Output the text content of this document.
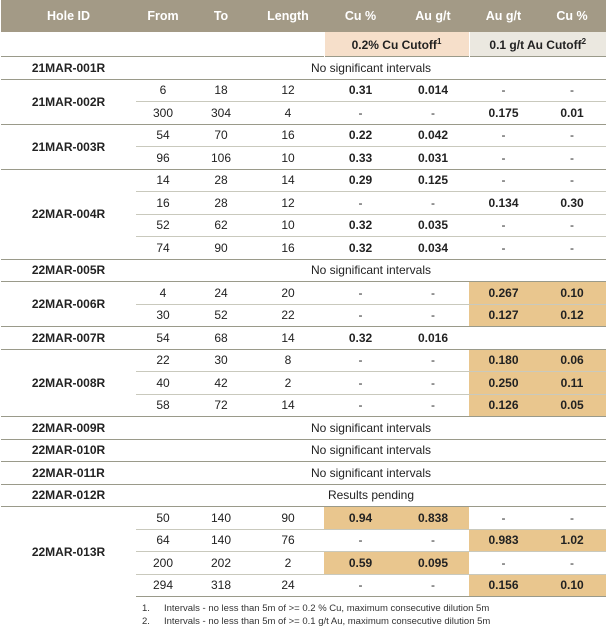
Hole ID	From	To	Length	Cu %	Au g/t	Au g/t	Cu %
				0.2% Cu Cutoff$^1$		0.1 g/t Au Cutoff$^2$
21MAR-001R	No significant intervals						
21MAR-002R	6	18	12	0.31	0.014	-	-
	300	304	4	-	-	0.175	0.01
21MAR-003R	54	70	16	0.22	0.042	-	-
	96	106	10	0.33	0.031	-	-
22MAR-004R	14	28	14	0.29	0.125	-	-
	16	28	12	-	-	0.134	0.30
	52	62	10	0.32	0.035	-	-
	74	90	16	0.32	0.034	-	-
22MAR-005R	No significant intervals						
22MAR-006R	4	24	20	-	-	0.267	0.10
	30	52	22	-	-	0.127	0.12
22MAR-007R	54	68	14	0.32	0.016		
22MAR-008R	22	30	8	-	-	0.180	0.06
	40	42	2	-	-	0.250	0.11
	58	72	14	-	-	0.126	0.05
22MAR-009R	No significant intervals						
22MAR-010R	No significant intervals						
22MAR-011R	No significant intervals						
22MAR-012R	Results pending						
22MAR-013R	50	140	90	0.94	0.838	-	-
	64	140	76	-	-	0.983	1.02
	200	202	2	0.59	0.095	-	-
	294	318	24	-	-	0.156	0.10
1. Intervals - no less than 5m of >= 0.2 % Cu, maximum consecutive dilution 5m
2. Intervals - no less than 5m of >= 0.1 g/t Au, maximum consecutive dilution 5m
